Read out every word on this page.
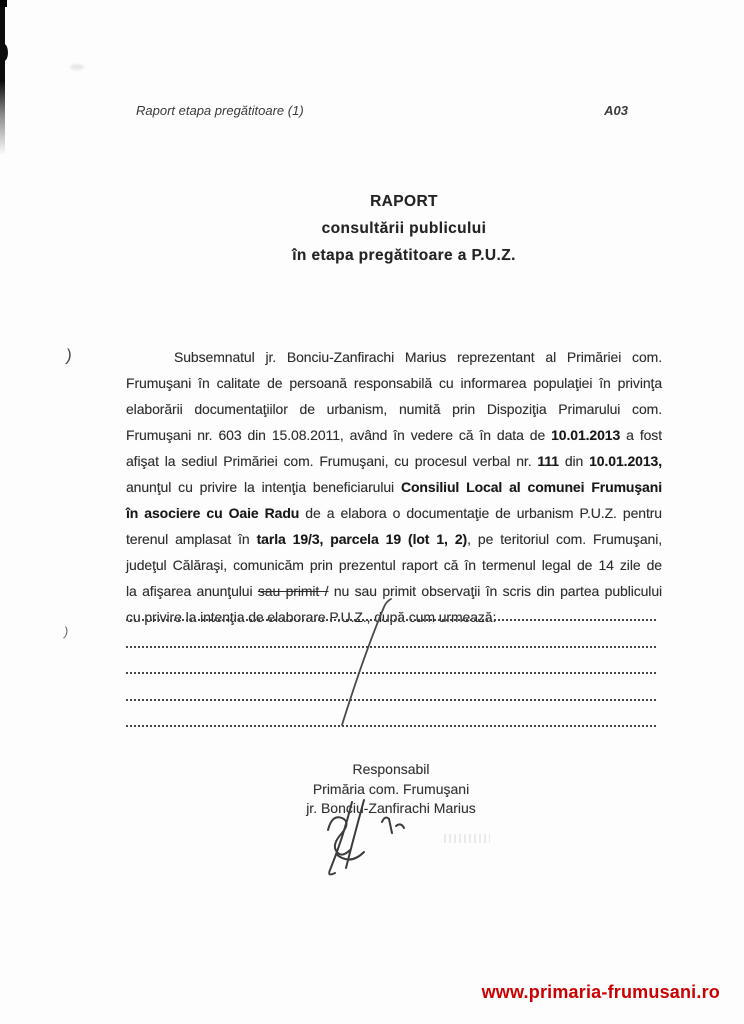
)
)
Raport etapa pregătitoare (1)	A03
RAPORT
consultării publicului
în etapa pregătitoare a P.U.Z.
Subsemnatul jr. Bonciu-Zanfirachi Marius reprezentant al Primăriei com.
Frumuşani în calitate de persoană responsabilă cu informarea populaţiei în privinţa
elaborării documentaţiilor de urbanism, numită prin Dispoziţia Primarului com.
Frumuşani nr. 603 din 15.08.2011, având în vedere că în data de 10.01.2013 a fost
afişat la sediul Primăriei com. Frumuşani, cu procesul verbal nr. 111 din 10.01.2013,
anunţul cu privire la intenţia beneficiarului Consiliul Local al comunei Frumuşani
în asociere cu Oaie Radu de a elabora o documentaţie de urbanism P.U.Z. pentru
terenul amplasat în tarla 19/3, parcela 19 (lot 1, 2), pe teritoriul com. Frumuşani,
judeţul Călăraşi, comunicăm prin prezentul raport că în termenul legal de 14 zile de
la afişarea anunţului sau primit / nu sau primit observaţii în scris din partea publicului
cu privire la intenţia de elaborare P.U.Z., după cum urmează:
Responsabil
Primăria com. Frumuşani
jr. Bonciu-Zanfirachi Marius
www.primaria-frumusani.ro
